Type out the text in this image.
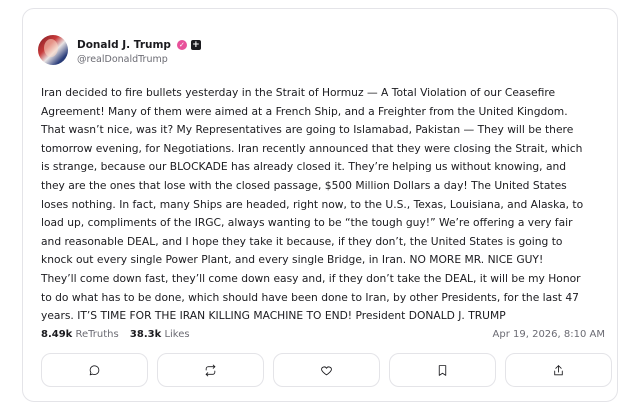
Donald J. Trump ✓ +
@realDonaldTrump
Iran decided to fire bullets yesterday in the Strait of Hormuz — A Total Violation of our Ceasefire
Agreement! Many of them were aimed at a French Ship, and a Freighter from the United Kingdom.
That wasn’t nice, was it? My Representatives are going to Islamabad, Pakistan — They will be there
tomorrow evening, for Negotiations. Iran recently announced that they were closing the Strait, which
is strange, because our BLOCKADE has already closed it. They’re helping us without knowing, and
they are the ones that lose with the closed passage, $500 Million Dollars a day! The United States
loses nothing. In fact, many Ships are headed, right now, to the U.S., Texas, Louisiana, and Alaska, to
load up, compliments of the IRGC, always wanting to be “the tough guy!” We’re offering a very fair
and reasonable DEAL, and I hope they take it because, if they don’t, the United States is going to
knock out every single Power Plant, and every single Bridge, in Iran. NO MORE MR. NICE GUY!
They’ll come down fast, they’ll come down easy and, if they don’t take the DEAL, it will be my Honor
to do what has to be done, which should have been done to Iran, by other Presidents, for the last 47
years. IT’S TIME FOR THE IRAN KILLING MACHINE TO END! President DONALD J. TRUMP
8.49k ReTruths 38.3k Likes	Apr 19, 2026, 8:10 AM
